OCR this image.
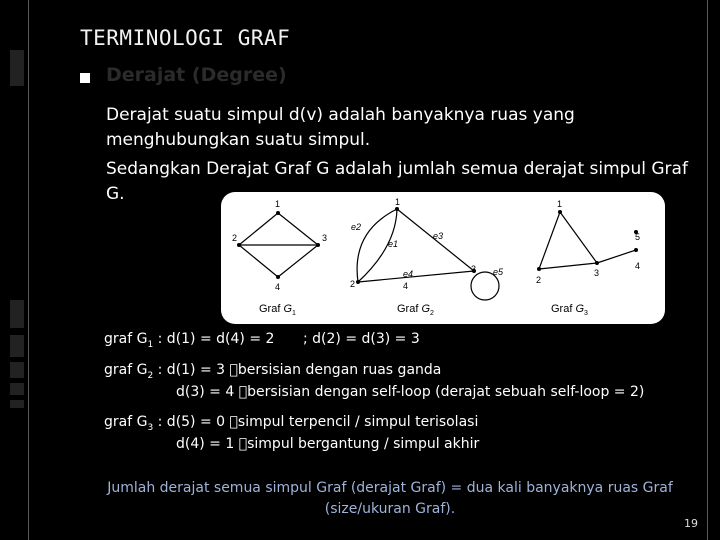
TERMINOLOGI GRAF
Derajat (Degree)
Derajat suatu simpul d(v) adalah banyaknya ruas yang menghubungkan suatu simpul.
Sedangkan Derajat Graf G adalah jumlah semua derajat simpul Graf G.	1
2	3
4
Graf $G_1$
1
2
3
4
e1
e2
e3
e4	e5
Graf $G_2$
1
2
3
4
5
Graf $G_3$
graf $G_1$ : d(1) = d(4) = 2 ; d(2) = d(3) = 3
graf $G_2$ : d(1) = 3  bersisian dengan ruas ganda
d(3) = 4  bersisian dengan self-loop (derajat sebuah self-loop = 2)
graf $G_3$ : d(5) = 0  simpul terpencil / simpul terisolasi
d(4) = 1  simpul bergantung / simpul akhir
Jumlah derajat semua simpul Graf (derajat Graf) = dua kali banyaknya ruas Graf (size/ukuran Graf).
19
